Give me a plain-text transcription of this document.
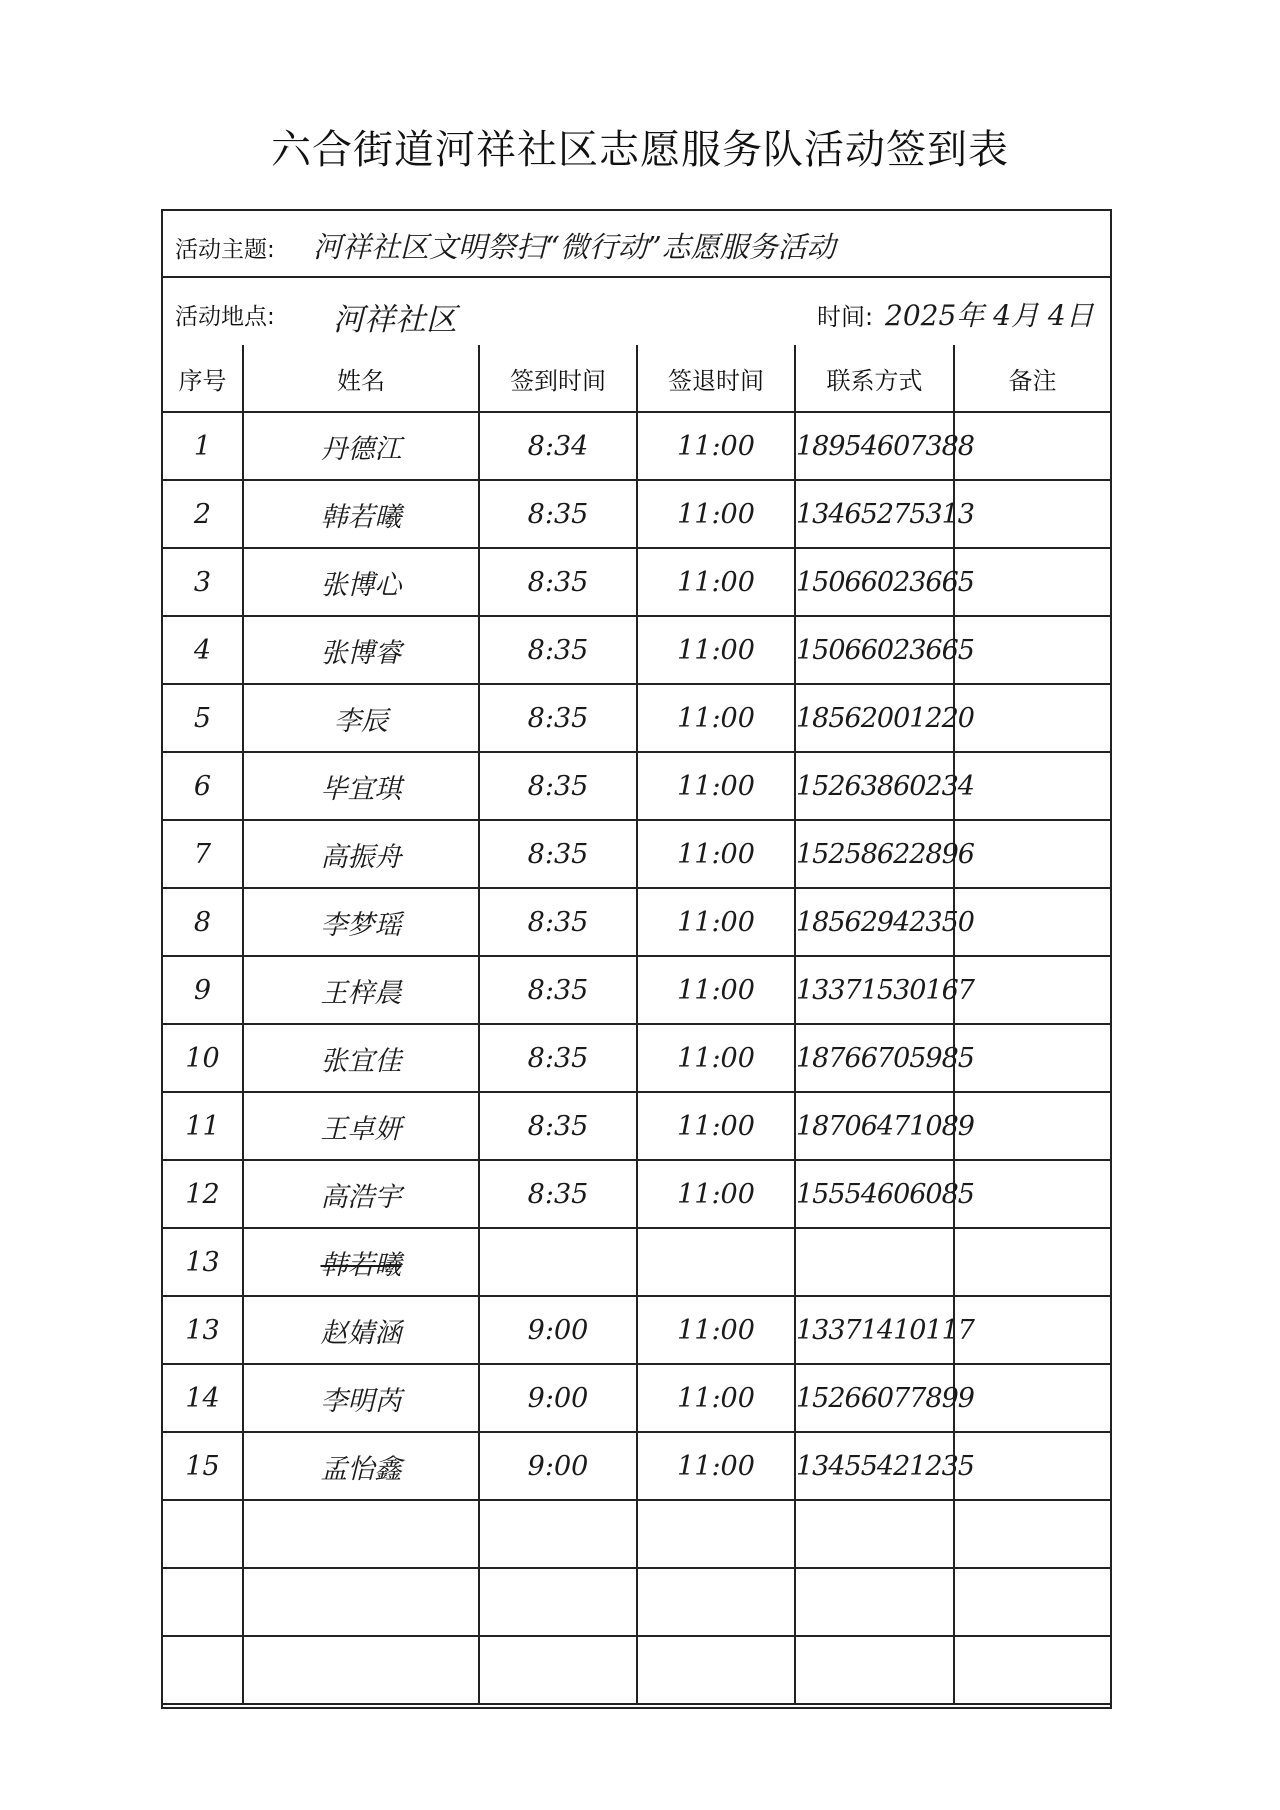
六合街道河祥社区志愿服务队活动签到表
活动主题: 河祥社区文明祭扫“微行动”志愿服务活动
活动地点: 河祥社区	时间: 2025年 4月 4日
序号	姓名	签到时间	签退时间	联系方式	备注
1	丹德江	8:34	11:00	18954607388	
2	韩若曦	8:35	11:00	13465275313	
3	张博心	8:35	11:00	15066023665	
4	张博睿	8:35	11:00	15066023665	
5	李辰	8:35	11:00	18562001220	
6	毕宜琪	8:35	11:00	15263860234	
7	高振舟	8:35	11:00	15258622896	
8	李梦瑶	8:35	11:00	18562942350	
9	王梓晨	8:35	11:00	13371530167	
10	张宜佳	8:35	11:00	18766705985	
11	王卓妍	8:35	11:00	18706471089	
12	高浩宇	8:35	11:00	15554606085	
13	韩若曦				
13	赵婧涵	9:00	11:00	13371410117	
14	李明芮	9:00	11:00	15266077899	
15	孟怡鑫	9:00	11:00	13455421235	
